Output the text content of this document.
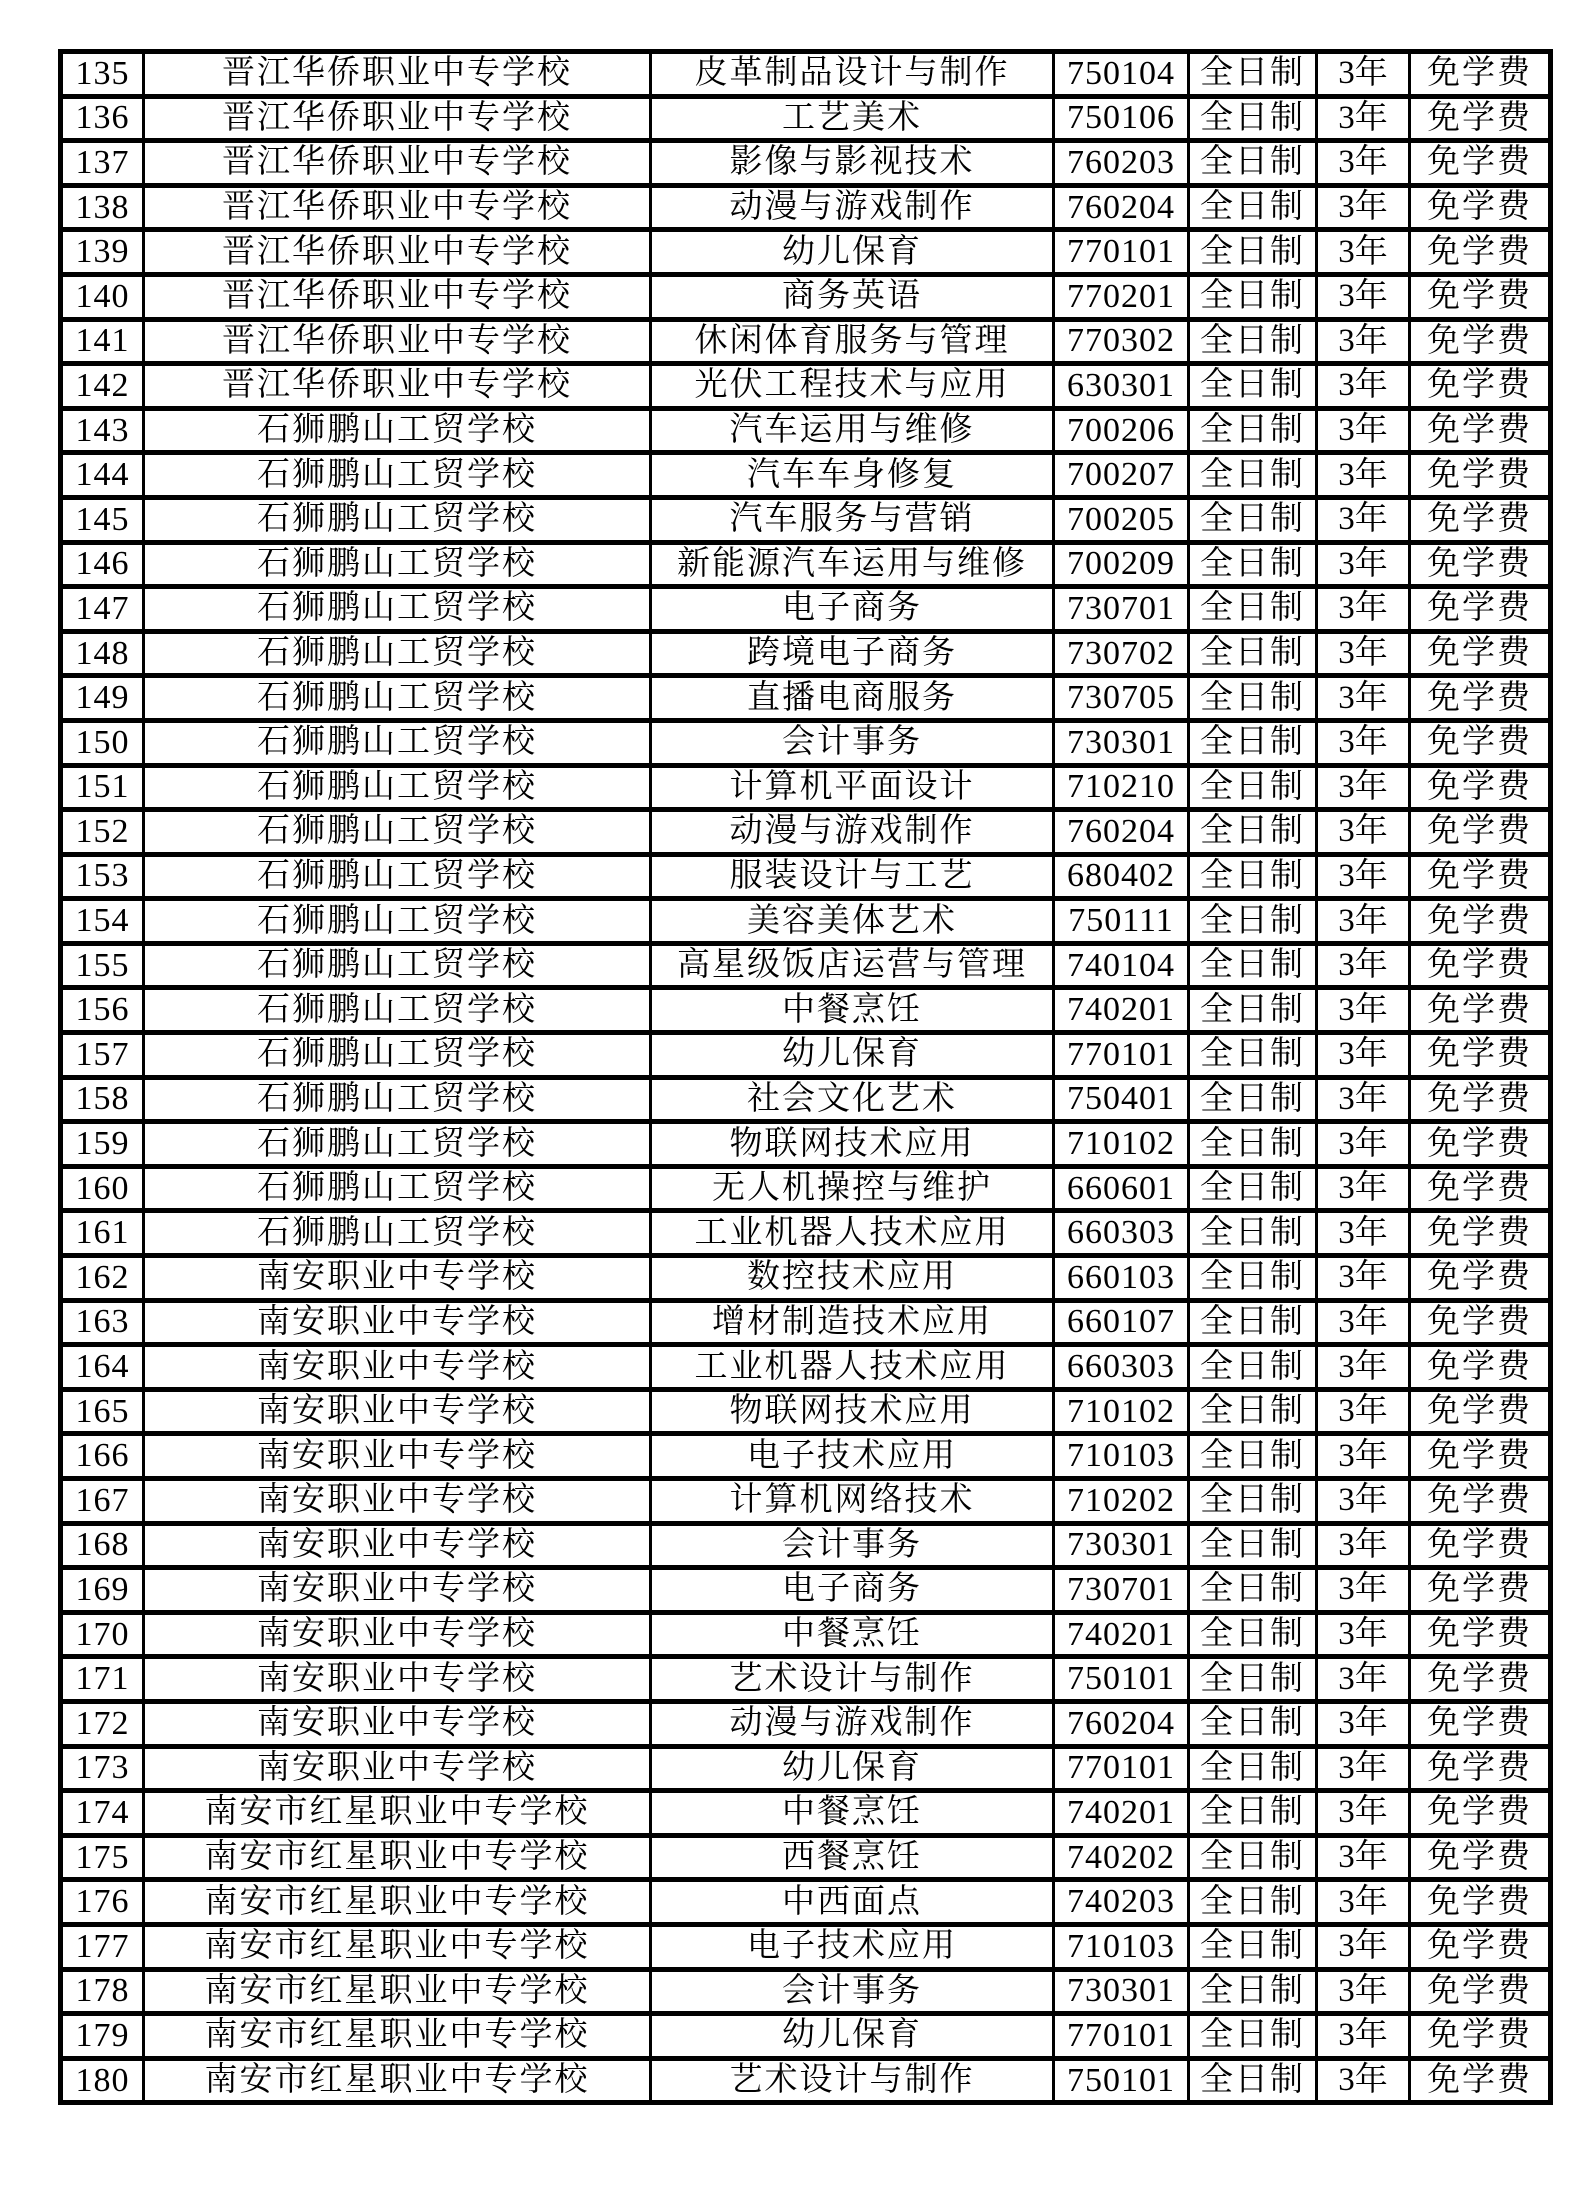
135	晋江华侨职业中专学校	皮革制品设计与制作	750104	全日制	3年	免学费
136	晋江华侨职业中专学校	工艺美术	750106	全日制	3年	免学费
137	晋江华侨职业中专学校	影像与影视技术	760203	全日制	3年	免学费
138	晋江华侨职业中专学校	动漫与游戏制作	760204	全日制	3年	免学费
139	晋江华侨职业中专学校	幼儿保育	770101	全日制	3年	免学费
140	晋江华侨职业中专学校	商务英语	770201	全日制	3年	免学费
141	晋江华侨职业中专学校	休闲体育服务与管理	770302	全日制	3年	免学费
142	晋江华侨职业中专学校	光伏工程技术与应用	630301	全日制	3年	免学费
143	石狮鹏山工贸学校	汽车运用与维修	700206	全日制	3年	免学费
144	石狮鹏山工贸学校	汽车车身修复	700207	全日制	3年	免学费
145	石狮鹏山工贸学校	汽车服务与营销	700205	全日制	3年	免学费
146	石狮鹏山工贸学校	新能源汽车运用与维修	700209	全日制	3年	免学费
147	石狮鹏山工贸学校	电子商务	730701	全日制	3年	免学费
148	石狮鹏山工贸学校	跨境电子商务	730702	全日制	3年	免学费
149	石狮鹏山工贸学校	直播电商服务	730705	全日制	3年	免学费
150	石狮鹏山工贸学校	会计事务	730301	全日制	3年	免学费
151	石狮鹏山工贸学校	计算机平面设计	710210	全日制	3年	免学费
152	石狮鹏山工贸学校	动漫与游戏制作	760204	全日制	3年	免学费
153	石狮鹏山工贸学校	服装设计与工艺	680402	全日制	3年	免学费
154	石狮鹏山工贸学校	美容美体艺术	750111	全日制	3年	免学费
155	石狮鹏山工贸学校	高星级饭店运营与管理	740104	全日制	3年	免学费
156	石狮鹏山工贸学校	中餐烹饪	740201	全日制	3年	免学费
157	石狮鹏山工贸学校	幼儿保育	770101	全日制	3年	免学费
158	石狮鹏山工贸学校	社会文化艺术	750401	全日制	3年	免学费
159	石狮鹏山工贸学校	物联网技术应用	710102	全日制	3年	免学费
160	石狮鹏山工贸学校	无人机操控与维护	660601	全日制	3年	免学费
161	石狮鹏山工贸学校	工业机器人技术应用	660303	全日制	3年	免学费
162	南安职业中专学校	数控技术应用	660103	全日制	3年	免学费
163	南安职业中专学校	增材制造技术应用	660107	全日制	3年	免学费
164	南安职业中专学校	工业机器人技术应用	660303	全日制	3年	免学费
165	南安职业中专学校	物联网技术应用	710102	全日制	3年	免学费
166	南安职业中专学校	电子技术应用	710103	全日制	3年	免学费
167	南安职业中专学校	计算机网络技术	710202	全日制	3年	免学费
168	南安职业中专学校	会计事务	730301	全日制	3年	免学费
169	南安职业中专学校	电子商务	730701	全日制	3年	免学费
170	南安职业中专学校	中餐烹饪	740201	全日制	3年	免学费
171	南安职业中专学校	艺术设计与制作	750101	全日制	3年	免学费
172	南安职业中专学校	动漫与游戏制作	760204	全日制	3年	免学费
173	南安职业中专学校	幼儿保育	770101	全日制	3年	免学费
174	南安市红星职业中专学校	中餐烹饪	740201	全日制	3年	免学费
175	南安市红星职业中专学校	西餐烹饪	740202	全日制	3年	免学费
176	南安市红星职业中专学校	中西面点	740203	全日制	3年	免学费
177	南安市红星职业中专学校	电子技术应用	710103	全日制	3年	免学费
178	南安市红星职业中专学校	会计事务	730301	全日制	3年	免学费
179	南安市红星职业中专学校	幼儿保育	770101	全日制	3年	免学费
180	南安市红星职业中专学校	艺术设计与制作	750101	全日制	3年	免学费
